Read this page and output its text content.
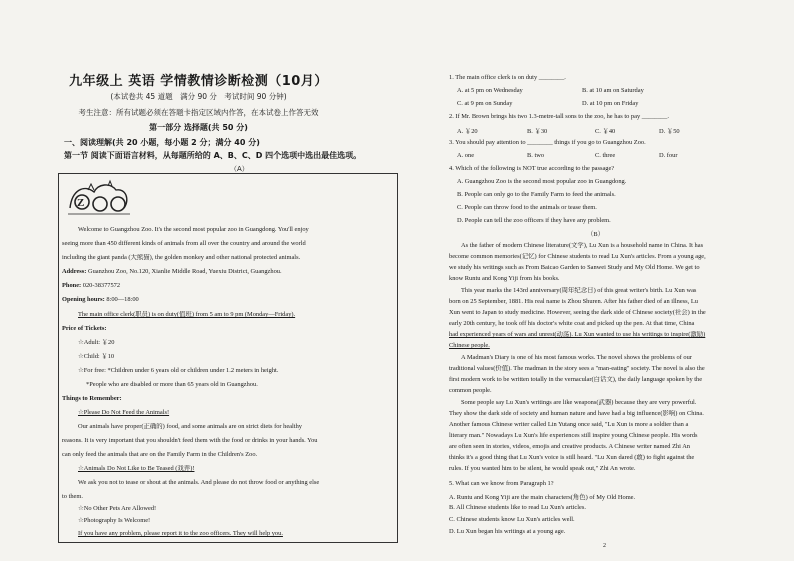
九年级上 英语 学情教情诊断检测（10月）
(本试卷共 45 道题　满分 90 分　考试时间 90 分钟)
考生注意：所有试题必须在答题卡指定区域内作答，在本试卷上作答无效
第一部分 选择题(共 50 分)
一、阅读理解(共 20 小题，每小题 2 分；满分 40 分)
第一节 阅读下面语言材料，从每题所给的 A、B、C、D 四个选项中选出最佳选项。
（A）
Z
Welcome to Guangzhou Zoo. It's the second most popular zoo in Guangdong. You'll enjoy
seeing more than 450 different kinds of animals from all over the country and around the world
including the giant panda (大熊猫), the golden monkey and other national protected animals.
Address: Guanzhou Zoo, No.120, Xianlie Middle Road, Yuexiu District, Guangzhou.
Phone: 020-38377572
Opening hours: 8:00—18:00
The main office clerk(职员) is on duty(值班) from 5 am to 9 pm (Monday—Friday).
Price of Tickets:
☆Adult: ￥20
☆Child: ￥10
☆For free: *Children under 6 years old or children under 1.2 meters in height.
*People who are disabled or more than 65 years old in Guangzhou.
Things to Remember:
☆Please Do Not Feed the Animals!
Our animals have proper(正确的) food, and some animals are on strict diets for healthy
reasons. It is very important that you shouldn't feed them with the food or drinks in your hands. You
can only feed the animals that are on the Family Farm in the Children's Zoo.
☆Animals Do Not Like to Be Teased (戏弄)!
We ask you not to tease or shout at the animals. And please do not throw food or anything else
to them.
☆No Other Pets Are Allowed!
☆Photography Is Welcome!
If you have any problem, please report it to the zoo officers. They will help you.
1. The main office clerk is on duty ________.
A. at 5 pm on Wednesday	B. at 10 am on Saturday
C. at 9 pm on Sunday	D. at 10 pm on Friday
2. If Mr. Brown brings his two 1.3-metre-tall sons to the zoo, he has to pay ________.
A. ￥20	B. ￥30	C. ￥40	D. ￥50
3. You should pay attention to ________ things if you go to Guangzhou Zoo.
A. one	B. two	C. three	D. four
4. Which of the following is NOT true according to the passage?
A. Guangzhou Zoo is the second most popular zoo in Guangdong.
B. People can only go to the Family Farm to feed the animals.
C. People can throw food to the animals or tease them.
D. People can tell the zoo officers if they have any problem.
（B）
As the father of modern Chinese literature(文学), Lu Xun is a household name in China. It has
become common memories(记忆) for Chinese students to read Lu Xun's articles. From a young age,
we study his writings such as From Baicao Garden to Sanwei Study and My Old Home. We get to
know Runtu and Kong Yiji from his books.
This year marks the 143rd anniversary(周年纪念日) of this great writer's birth. Lu Xun was
born on 25 September, 1881. His real name is Zhou Shuren. After his father died of an illness, Lu
Xun went to Japan to study medicine. However, seeing the dark side of Chinese society(社会) in the
early 20th century, he took off his doctor's white coat and picked up the pen. At that time, China
had experienced years of wars and unrest(动荡). Lu Xun wanted to use his writings to inspire(激励)
Chinese people.
A Madman's Diary is one of his most famous works. The novel shows the problems of our
traditional values(价值). The madman in the story sees a "man-eating" society. The novel is also the
first modern work to be written totally in the vernacular(白话文), the daily language spoken by the
common people.
Some people say Lu Xun's writings are like weapons(武器) because they are very powerful.
They show the dark side of society and human nature and have had a big influence(影响) on China.
Another famous Chinese writer called Lin Yutang once said, "Lu Xun is more a soldier than a
literary man." Nowadays Lu Xun's life experiences still inspire young Chinese people. His words
are often seen in stories, videos, emojis and creative products. A Chinese writer named Zhi An
thinks it's a good thing that Lu Xun's voice is still heard. "Lu Xun dared (敢) to fight against the
rules. If you wanted him to be silent, he would speak out," Zhi An wrote.
5. What can we know from Paragraph 1?
A. Runtu and Kong Yiji are the main characters(角色) of My Old Home.
B. All Chinese students like to read Lu Xun's articles.
C. Chinese students know Lu Xun's articles well.
D. Lu Xun began his writings at a young age.
2
